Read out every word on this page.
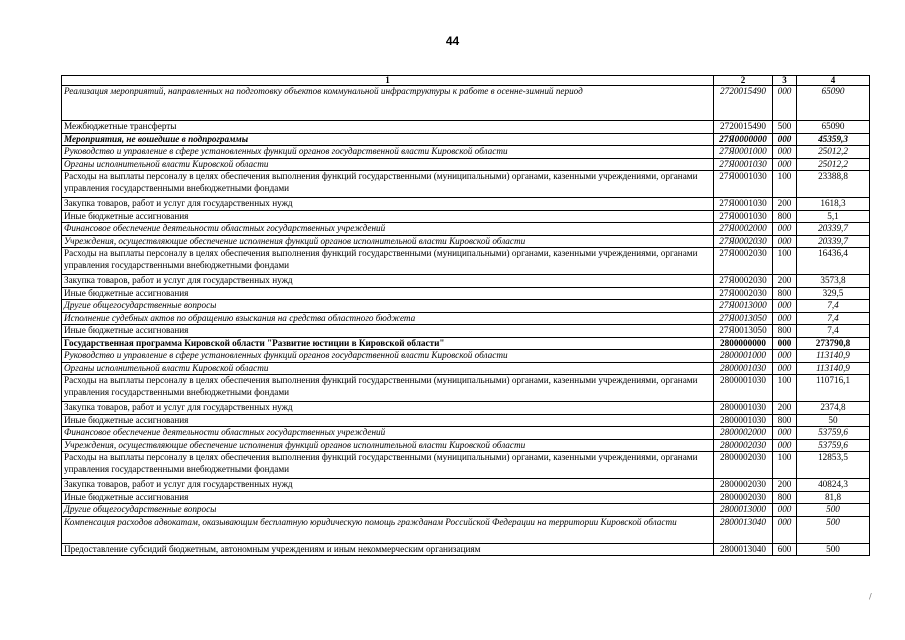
44
1	2	3	4
Реализация мероприятий, направленных на подготовку объектов коммунальной инфраструктуры к работе в осенне-зимний период	2720015490	000	65090
Межбюджетные трансферты	2720015490	500	65090
Мероприятия, не вошедшие в подпрограммы	27Я0000000	000	45359,3
Руководство и управление в сфере установленных функций органов государственной власти Кировской области	27Я0001000	000	25012,2
Органы исполнительной власти Кировской области	27Я0001030	000	25012,2
Расходы на выплаты персоналу в целях обеспечения выполнения функций государственными (муниципальными) органами, казенными учреждениями, органами управления государственными внебюджетными фондами	27Я0001030	100	23388,8
Закупка товаров, работ и услуг для государственных нужд	27Я0001030	200	1618,3
Иные бюджетные ассигнования	27Я0001030	800	5,1
Финансовое обеспечение деятельности областных государственных учреждений	27Я0002000	000	20339,7
Учреждения, осуществляющие обеспечение исполнения функций органов исполнительной власти Кировской области	27Я0002030	000	20339,7
Расходы на выплаты персоналу в целях обеспечения выполнения функций государственными (муниципальными) органами, казенными учреждениями, органами управления государственными внебюджетными фондами	27Я0002030	100	16436,4
Закупка товаров, работ и услуг для государственных нужд	27Я0002030	200	3573,8
Иные бюджетные ассигнования	27Я0002030	800	329,5
Другие общегосударственные вопросы	27Я0013000	000	7,4
Исполнение судебных актов по обращению взыскания на средства областного бюджета	27Я0013050	000	7,4
Иные бюджетные ассигнования	27Я0013050	800	7,4
Государственная программа Кировской области "Развитие юстиции в Кировской области"	2800000000	000	273790,8
Руководство и управление в сфере установленных функций органов государственной власти Кировской области	2800001000	000	113140,9
Органы исполнительной власти Кировской области	2800001030	000	113140,9
Расходы на выплаты персоналу в целях обеспечения выполнения функций государственными (муниципальными) органами, казенными учреждениями, органами управления государственными внебюджетными фондами	2800001030	100	110716,1
Закупка товаров, работ и услуг для государственных нужд	2800001030	200	2374,8
Иные бюджетные ассигнования	2800001030	800	50
Финансовое обеспечение деятельности областных государственных учреждений	2800002000	000	53759,6
Учреждения, осуществляющие обеспечение исполнения функций органов исполнительной власти Кировской области	2800002030	000	53759,6
Расходы на выплаты персоналу в целях обеспечения выполнения функций государственными (муниципальными) органами, казенными учреждениями, органами управления государственными внебюджетными фондами	2800002030	100	12853,5
Закупка товаров, работ и услуг для государственных нужд	2800002030	200	40824,3
Иные бюджетные ассигнования	2800002030	800	81,8
Другие общегосударственные вопросы	2800013000	000	500
Компенсация расходов адвокатам, оказывающим бесплатную юридическую помощь гражданам Российской Федерации на территории Кировской области	2800013040	000	500
Предоставление субсидий бюджетным, автономным учреждениям и иным некоммерческим организациям	2800013040	600	500
/
